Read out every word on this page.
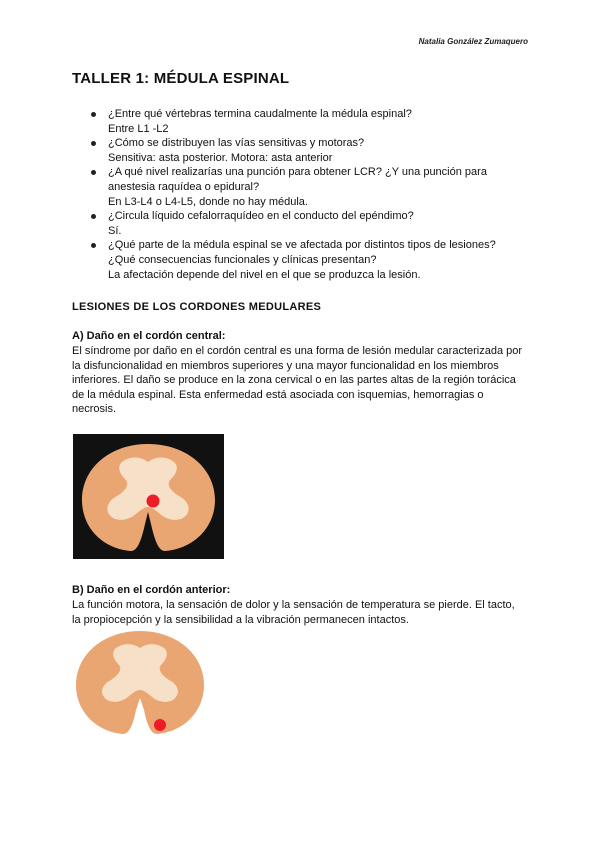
Natalia González Zumaquero
TALLER 1: MÉDULA ESPINAL
¿Entre qué vértebras termina caudalmente la médula espinal?
Entre L1 -L2
¿Cómo se distribuyen las vías sensitivas y motoras?
Sensitiva: asta posterior. Motora: asta anterior
¿A qué nivel realizarías una punción para obtener LCR? ¿Y una punción para
anestesia raquídea o epidural?
En L3-L4 o L4-L5, donde no hay médula.
¿Circula líquido cefalorraquídeo en el conducto del epéndimo?
Sí.
¿Qué parte de la médula espinal se ve afectada por distintos tipos de lesiones?
¿Qué consecuencias funcionales y clínicas presentan?
La afectación depende del nivel en el que se produzca la lesión.
LESIONES DE LOS CORDONES MEDULARES
A) Daño en el cordón central:

El síndrome por daño en el cordón central es una forma de lesión medular caracterizada por
la disfuncionalidad en miembros superiores y una mayor funcionalidad en los miembros
inferiores. El daño se produce en la zona cervical o en las partes altas de la región torácica
de la médula espinal. Esta enfermedad está asociada con isquemias, hemorragias o
necrosis.

B) Daño en el cordón anterior:

La función motora, la sensación de dolor y la sensación de temperatura se pierde. El tacto,
la propiocepción y la sensibilidad a la vibración permanecen intactos.
